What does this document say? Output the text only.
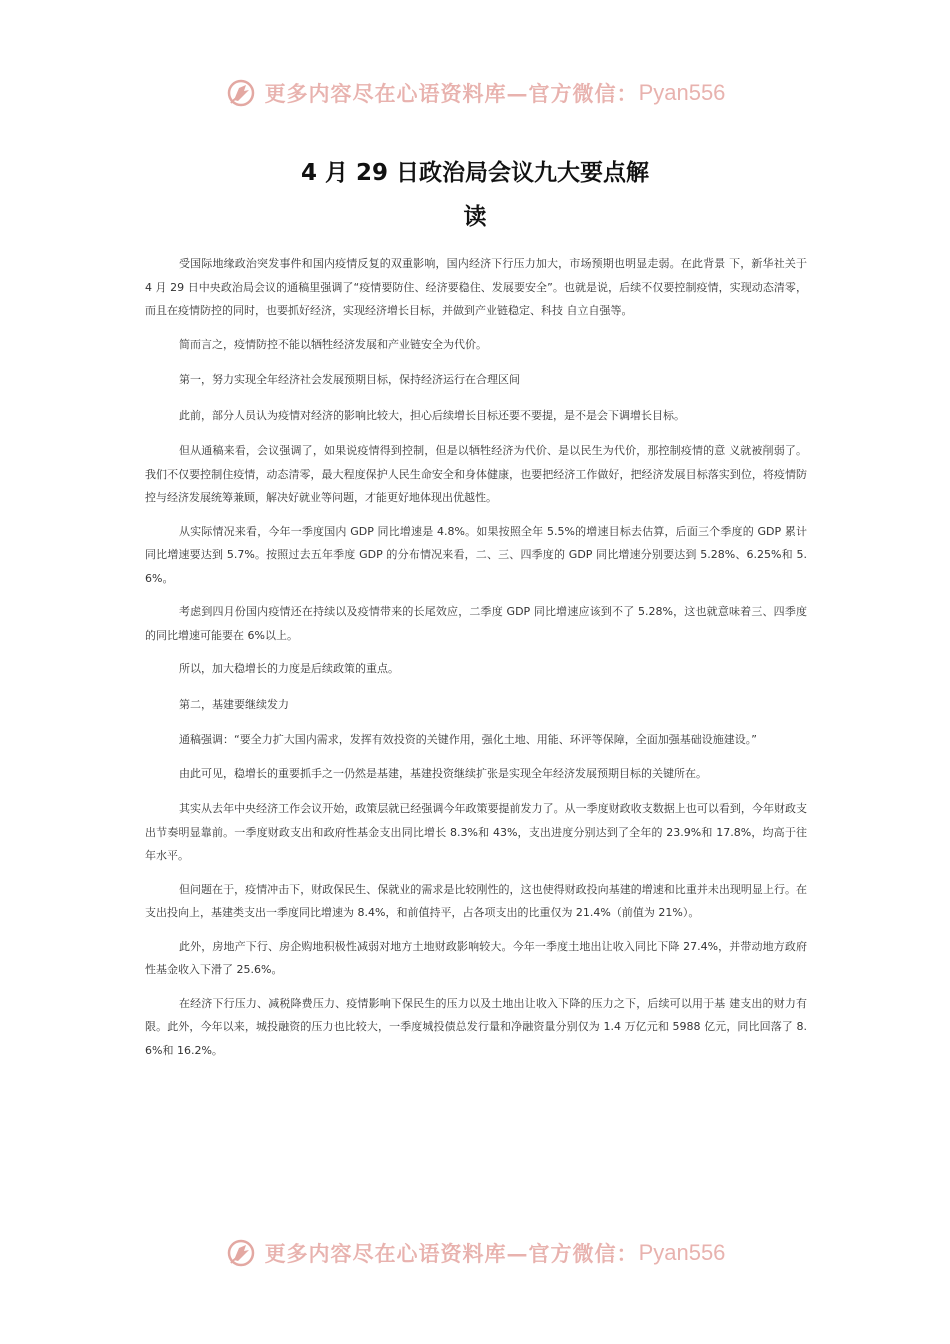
更多内容尽在心语资料库—官方微信： Pyan556
4 月 29 日政治局会议九大要点解
读

受国际地缘政治突发事件和国内疫情反复的双重影响，国内经济下行压力加大，市场预期也明显走弱。在此背景 下，新华社关于 4 月 29 日中央政治局会议的通稿里强调了“疫情要防住、经济要稳住、发展要安全”。也就是说，后续不仅要控制疫情，实现动态清零，而且在疫情防控的同时，也要抓好经济，实现经济增长目标，并做到产业链稳定、科技 自立自强等。

简而言之，疫情防控不能以牺牲经济发展和产业链安全为代价。

第一，努力实现全年经济社会发展预期目标，保持经济运行在合理区间

此前，部分人员认为疫情对经济的影响比较大，担心后续增长目标还要不要提，是不是会下调增长目标。

但从通稿来看，会议强调了，如果说疫情得到控制，但是以牺牲经济为代价、是以民生为代价，那控制疫情的意 义就被削弱了。我们不仅要控制住疫情，动态清零，最大程度保护人民生命安全和身体健康，也要把经济工作做好，把经济发展目标落实到位，将疫情防控与经济发展统筹兼顾，解决好就业等问题，才能更好地体现出优越性。

从实际情况来看，今年一季度国内 GDP 同比增速是 4.8%。如果按照全年 5.5%的增速目标去估算，后面三个季度的 GDP 累计同比增速要达到 5.7%。按照过去五年季度 GDP 的分布情况来看，二、三、四季度的 GDP 同比增速分别要达到 5.28%、6.25%和 5.6%。

考虑到四月份国内疫情还在持续以及疫情带来的长尾效应，二季度 GDP 同比增速应该到不了 5.28%，这也就意味着三、四季度的同比增速可能要在 6%以上。

所以，加大稳增长的力度是后续政策的重点。

第二，基建要继续发力

通稿强调：“要全力扩大国内需求，发挥有效投资的关键作用，强化土地、用能、环评等保障，全面加强基础设施建设。”

由此可见，稳增长的重要抓手之一仍然是基建，基建投资继续扩张是实现全年经济发展预期目标的关键所在。

其实从去年中央经济工作会议开始，政策层就已经强调今年政策要提前发力了。从一季度财政收支数据上也可以看到，今年财政支出节奏明显靠前。一季度财政支出和政府性基金支出同比增长 8.3%和 43%，支出进度分别达到了全年的 23.9%和 17.8%，均高于往年水平。

但问题在于，疫情冲击下，财政保民生、保就业的需求是比较刚性的，这也使得财政投向基建的增速和比重并未出现明显上行。在支出投向上，基建类支出一季度同比增速为 8.4%，和前值持平，占各项支出的比重仅为 21.4%（前值为 21%）。

此外，房地产下行、房企购地积极性减弱对地方土地财政影响较大。今年一季度土地出让收入同比下降 27.4%，并带动地方政府性基金收入下滑了 25.6%。

在经济下行压力、减税降费压力、疫情影响下保民生的压力以及土地出让收入下降的压力之下，后续可以用于基 建支出的财力有限。此外，今年以来，城投融资的压力也比较大，一季度城投债总发行量和净融资量分别仅为 1.4 万亿元和 5988 亿元，同比回落了 8.6%和 16.2%。

更多内容尽在心语资料库—官方微信： Pyan556
